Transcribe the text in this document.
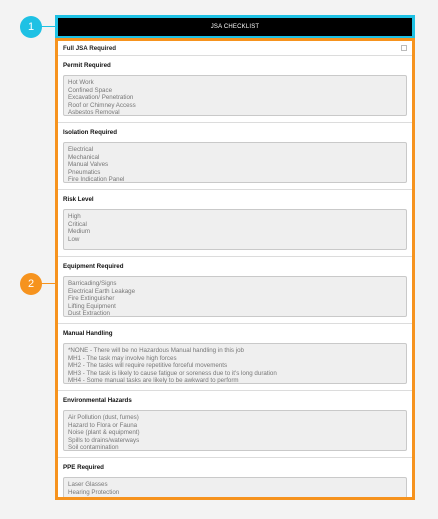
1
2
JSA CHECKLIST
Full JSA Required
Permit Required
Hot Work
Confined Space
Excavation/ Penetration
Roof or Chimney Access
Asbestos Removal
Isolation Required
Electrical
Mechanical
Manual Valves
Pneumatics
Fire Indication Panel
Risk Level
High
Critical
Medium
Low
Equipment Required
Barricading/Signs
Electrical Earth Leakage
Fire Extinguisher
Lifting Equipment
Dust Extraction
Manual Handling
*NONE - There will be no Hazardous Manual handling in this job
MH1 - The task may involve high forces
MH2 - The tasks will require repetitive forceful movements
MH3 - The task is likely to cause fatigue or soreness due to it's long duration
MH4 - Some manual tasks are likely to be awkward to perform
Environmental Hazards
Air Pollution (dust, fumes)
Hazard to Flora or Fauna
Noise (plant & equipment)
Spills to drains/waterways
Soil contamination
PPE Required
Laser Glasses
Hearing Protection
